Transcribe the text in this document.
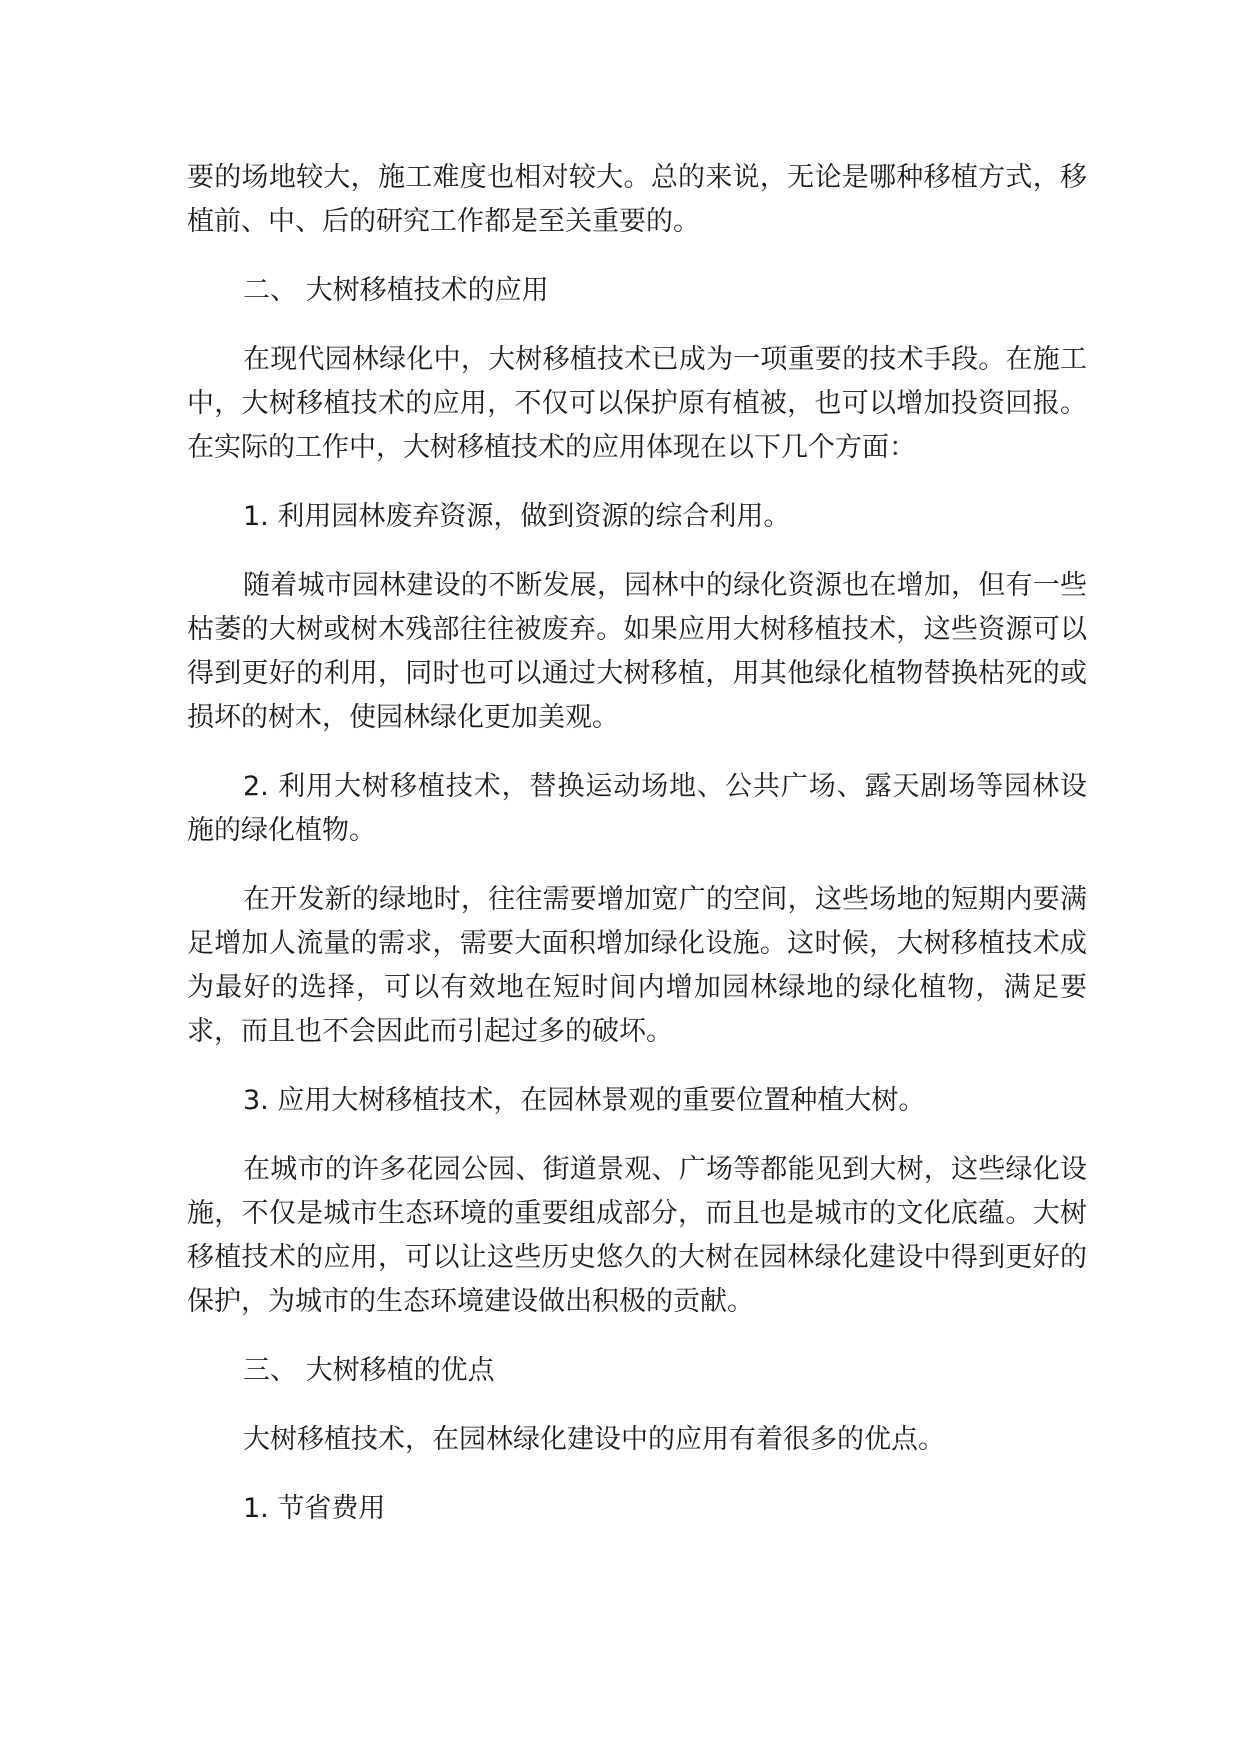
要的场地较大，施工难度也相对较大。总的来说，无论是哪种移植方式，移植前、中、后的研究工作都是至关重要的。

二、 大树移植技术的应用

在现代园林绿化中，大树移植技术已成为一项重要的技术手段。在施工中，大树移植技术的应用，不仅可以保护原有植被，也可以增加投资回报。在实际的工作中，大树移植技术的应用体现在以下几个方面：

1. 利用园林废弃资源，做到资源的综合利用。

随着城市园林建设的不断发展，园林中的绿化资源也在增加，但有一些枯萎的大树或树木残部往往被废弃。如果应用大树移植技术，这些资源可以得到更好的利用，同时也可以通过大树移植，用其他绿化植物替换枯死的或损坏的树木，使园林绿化更加美观。

2. 利用大树移植技术，替换运动场地、公共广场、露天剧场等园林设施的绿化植物。

在开发新的绿地时，往往需要增加宽广的空间，这些场地的短期内要满足增加人流量的需求，需要大面积增加绿化设施。这时候，大树移植技术成为最好的选择，可以有效地在短时间内增加园林绿地的绿化植物，满足要求，而且也不会因此而引起过多的破坏。

3. 应用大树移植技术，在园林景观的重要位置种植大树。

在城市的许多花园公园、街道景观、广场等都能见到大树，这些绿化设施，不仅是城市生态环境的重要组成部分，而且也是城市的文化底蕴。大树移植技术的应用，可以让这些历史悠久的大树在园林绿化建设中得到更好的保护，为城市的生态环境建设做出积极的贡献。

三、 大树移植的优点

大树移植技术，在园林绿化建设中的应用有着很多的优点。

1. 节省费用
